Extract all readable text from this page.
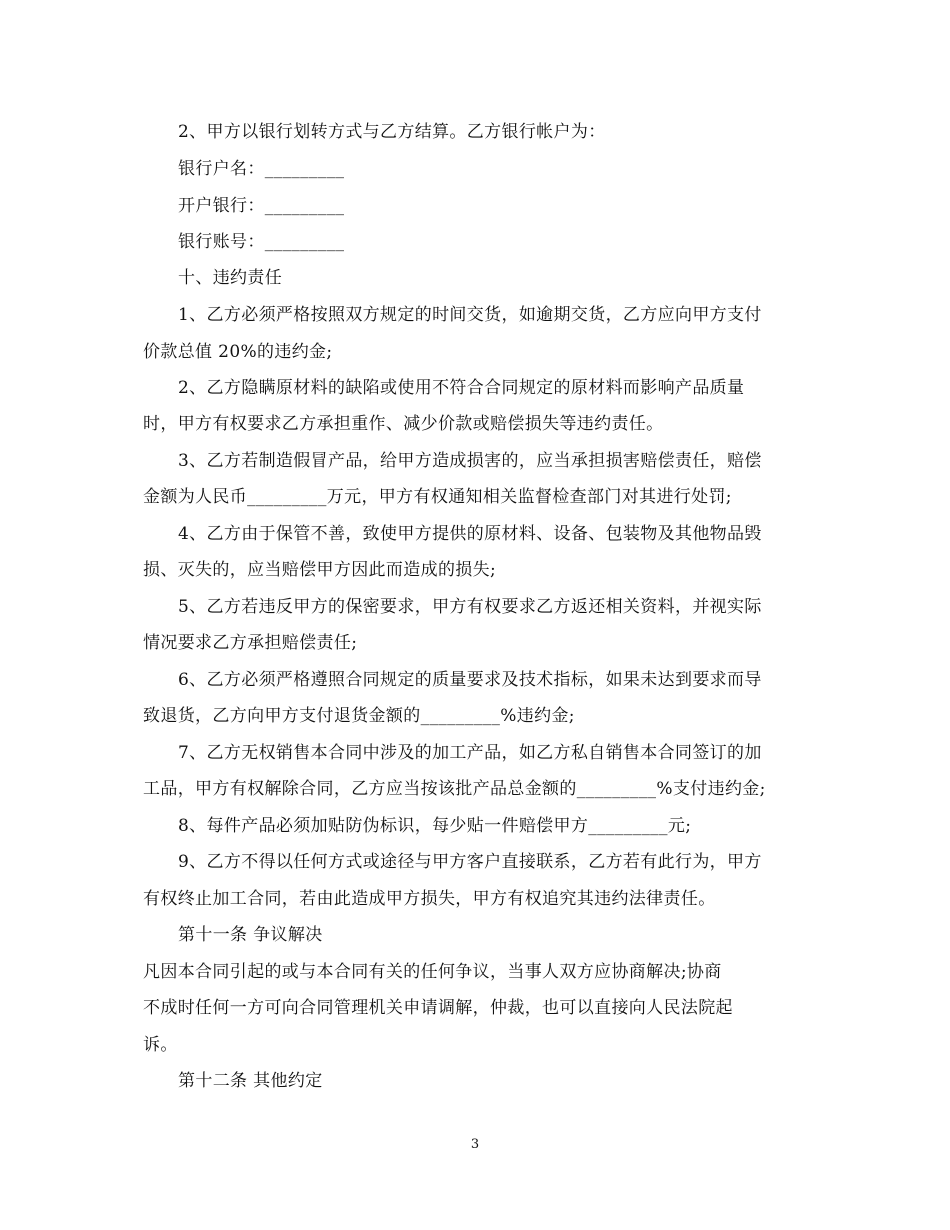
2、甲方以银行划转方式与乙方结算。乙方银行帐户为：
银行户名：_________
开户银行：_________
银行账号：_________
十、违约责任
1、乙方必须严格按照双方规定的时间交货，如逾期交货，乙方应向甲方支付
价款总值 20%的违约金;
2、乙方隐瞒原材料的缺陷或使用不符合合同规定的原材料而影响产品质量
时，甲方有权要求乙方承担重作、减少价款或赔偿损失等违约责任。
3、乙方若制造假冒产品，给甲方造成损害的，应当承担损害赔偿责任，赔偿
金额为人民币_________万元，甲方有权通知相关监督检查部门对其进行处罚;
4、乙方由于保管不善，致使甲方提供的原材料、设备、包装物及其他物品毁
损、灭失的，应当赔偿甲方因此而造成的损失;
5、乙方若违反甲方的保密要求，甲方有权要求乙方返还相关资料，并视实际
情况要求乙方承担赔偿责任;
6、乙方必须严格遵照合同规定的质量要求及技术指标，如果未达到要求而导
致退货，乙方向甲方支付退货金额的_________%违约金;
7、乙方无权销售本合同中涉及的加工产品，如乙方私自销售本合同签订的加
工品，甲方有权解除合同，乙方应当按该批产品总金额的_________%支付违约金;
8、每件产品必须加贴防伪标识，每少贴一件赔偿甲方_________元;
9、乙方不得以任何方式或途径与甲方客户直接联系，乙方若有此行为，甲方
有权终止加工合同，若由此造成甲方损失，甲方有权追究其违约法律责任。
第十一条 争议解决
凡因本合同引起的或与本合同有关的任何争议，当事人双方应协商解决;协商
不成时任何一方可向合同管理机关申请调解，仲裁，也可以直接向人民法院起
诉。
第十二条 其他约定
3
